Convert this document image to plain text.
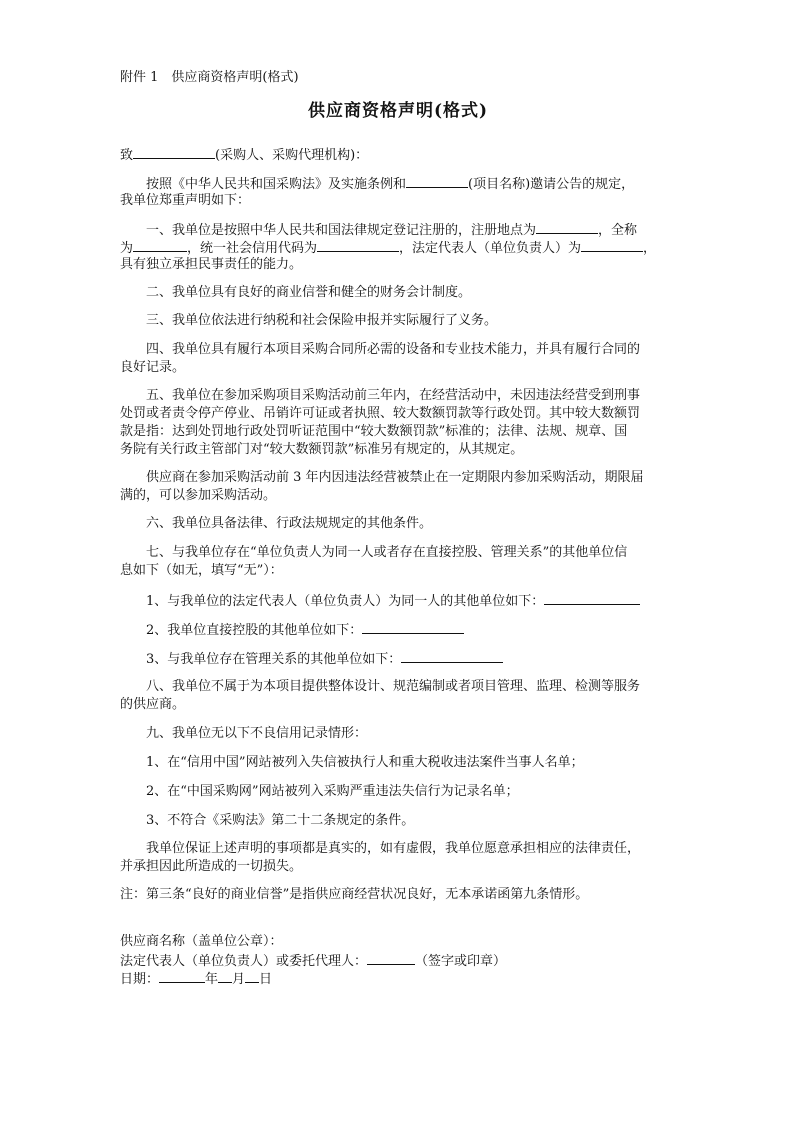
附件 1　供应商资格声明(格式)
供应商资格声明(格式)
致	(采购人、采购代理机构)：
按照《中华人民共和国采购法》及实施条例和	(项目名称)邀请公告的规定，
我单位郑重声明如下：
一、我单位是按照中华人民共和国法律规定登记注册的，注册地点为	，全称
为	，统一社会信用代码为	，法定代表人（单位负责人）为	，
具有独立承担民事责任的能力。
二、我单位具有良好的商业信誉和健全的财务会计制度。
三、我单位依法进行纳税和社会保险申报并实际履行了义务。
四、我单位具有履行本项目采购合同所必需的设备和专业技术能力，并具有履行合同的
良好记录。
五、我单位在参加采购项目采购活动前三年内，在经营活动中，未因违法经营受到刑事
处罚或者责令停产停业、吊销许可证或者执照、较大数额罚款等行政处罚。其中较大数额罚
款是指：达到处罚地行政处罚听证范围中“较大数额罚款”标准的；法律、法规、规章、国
务院有关行政主管部门对“较大数额罚款”标准另有规定的，从其规定。
供应商在参加采购活动前 3 年内因违法经营被禁止在一定期限内参加采购活动，期限届
满的，可以参加采购活动。
六、我单位具备法律、行政法规规定的其他条件。
七、与我单位存在“单位负责人为同一人或者存在直接控股、管理关系”的其他单位信
息如下（如无，填写“无”）：
1、与我单位的法定代表人（单位负责人）为同一人的其他单位如下：
2、我单位直接控股的其他单位如下：
3、与我单位存在管理关系的其他单位如下：
八、我单位不属于为本项目提供整体设计、规范编制或者项目管理、监理、检测等服务
的供应商。
九、我单位无以下不良信用记录情形：
1、在“信用中国”网站被列入失信被执行人和重大税收违法案件当事人名单；
2、在“中国采购网”网站被列入采购严重违法失信行为记录名单；
3、不符合《采购法》第二十二条规定的条件。
我单位保证上述声明的事项都是真实的，如有虚假，我单位愿意承担相应的法律责任，
并承担因此所造成的一切损失。
注：第三条“良好的商业信誉”是指供应商经营状况良好，无本承诺函第九条情形。
供应商名称（盖单位公章）：
法定代表人（单位负责人）或委托代理人：	（签字或印章）
日期：	年 月 日
